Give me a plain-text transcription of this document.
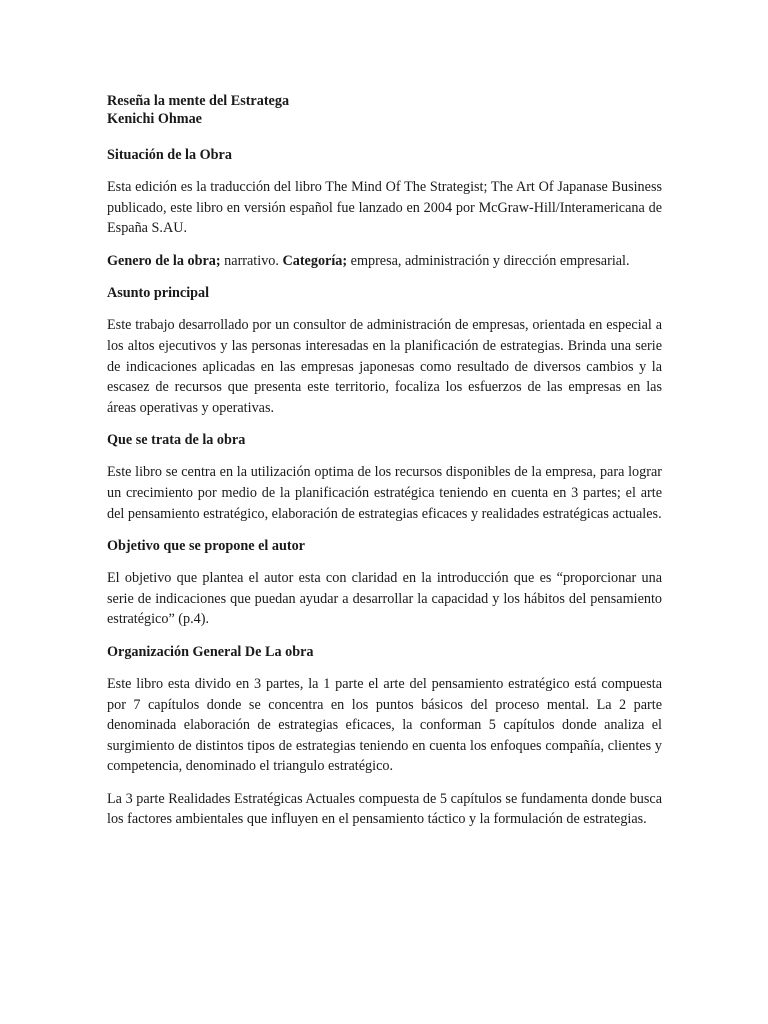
Reseña la mente del Estratega
Kenichi Ohmae
Situación de la Obra

Esta edición es la traducción del libro The Mind Of The Strategist; The Art Of Japanase Business publicado, este libro en versión español fue lanzado en 2004 por McGraw-Hill/Interamericana de España S.AU.

Genero de la obra; narrativo. Categoría; empresa, administración y dirección empresarial.

Asunto principal

Este trabajo desarrollado por un consultor de administración de empresas, orientada en especial a los altos ejecutivos y las personas interesadas en la planificación de estrategias. Brinda una serie de indicaciones aplicadas en las empresas japonesas como resultado de diversos cambios y la escasez de recursos que presenta este territorio, focaliza los esfuerzos de las empresas en las áreas operativas y operativas.

Que se trata de la obra

Este libro se centra en la utilización optima de los recursos disponibles de la empresa, para lograr un crecimiento por medio de la planificación estratégica teniendo en cuenta en 3 partes; el arte del pensamiento estratégico, elaboración de estrategias eficaces y realidades estratégicas actuales.

Objetivo que se propone el autor

El objetivo que plantea el autor esta con claridad en la introducción que es “proporcionar una serie de indicaciones que puedan ayudar a desarrollar la capacidad y los hábitos del pensamiento estratégico” (p.4).

Organización General De La obra

Este libro esta divido en 3 partes, la 1 parte el arte del pensamiento estratégico está compuesta por 7 capítulos donde se concentra en los puntos básicos del proceso mental. La 2 parte denominada elaboración de estrategias eficaces, la conforman 5 capítulos donde analiza el surgimiento de distintos tipos de estrategias teniendo en cuenta los enfoques compañía, clientes y competencia, denominado el triangulo estratégico.

La 3 parte Realidades Estratégicas Actuales compuesta de 5 capítulos se fundamenta donde busca los factores ambientales que influyen en el pensamiento táctico y la formulación de estrategias.
